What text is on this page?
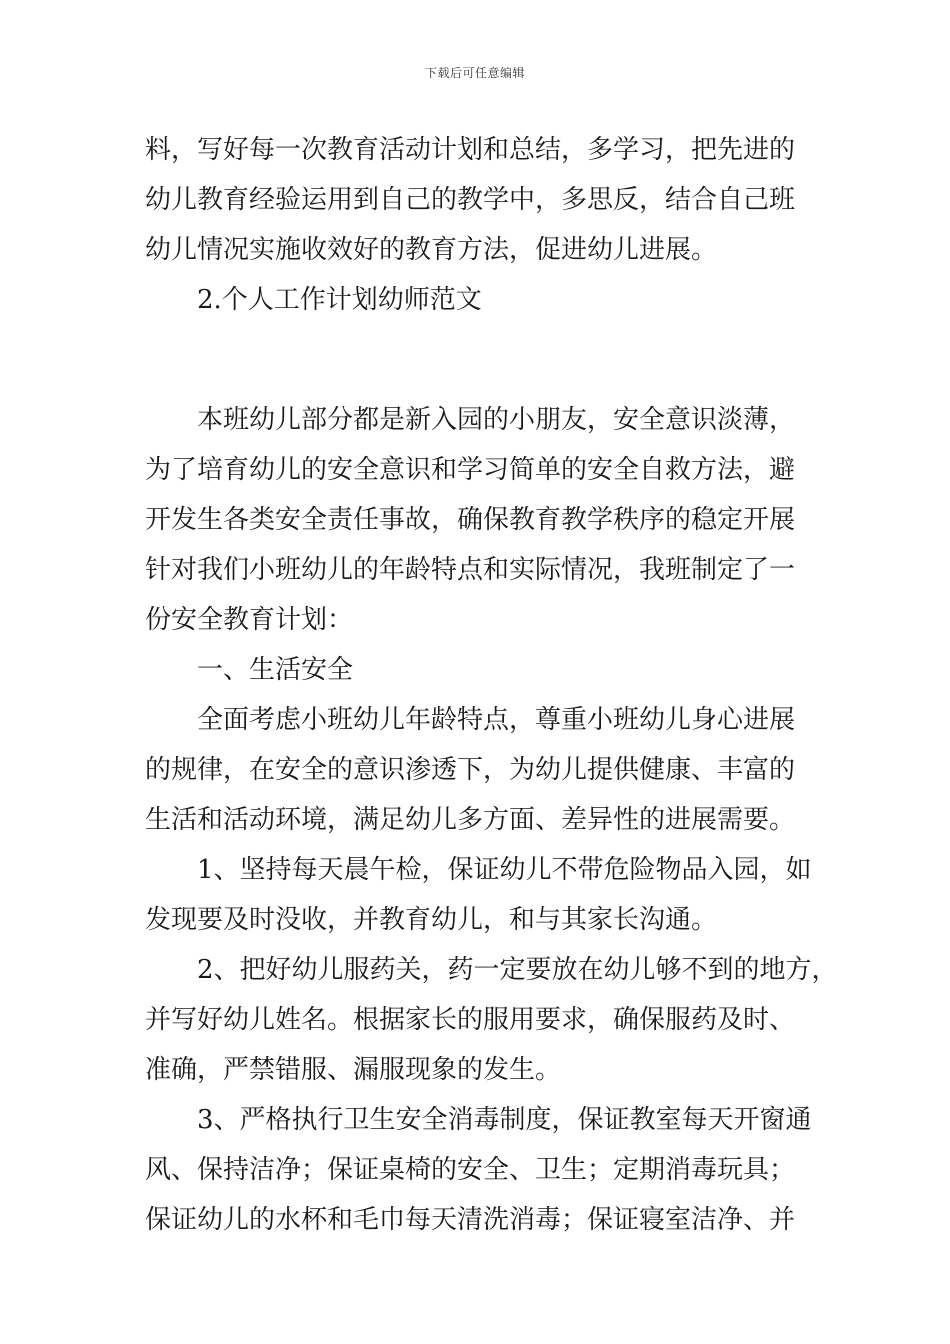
下载后可任意编辑
料，写好每一次教育活动计划和总结，多学习，把先进的
幼儿教育经验运用到自己的教学中，多思反，结合自己班
幼儿情况实施收效好的教育方法，促进幼儿进展。
2.个人工作计划幼师范文
本班幼儿部分都是新入园的小朋友，安全意识淡薄，
为了培育幼儿的安全意识和学习简单的安全自救方法，避
开发生各类安全责任事故，确保教育教学秩序的稳定开展
针对我们小班幼儿的年龄特点和实际情况，我班制定了一
份安全教育计划：
一、生活安全
全面考虑小班幼儿年龄特点，尊重小班幼儿身心进展
的规律，在安全的意识渗透下，为幼儿提供健康、丰富的
生活和活动环境，满足幼儿多方面、差异性的进展需要。
1、坚持每天晨午检，保证幼儿不带危险物品入园，如
发现要及时没收，并教育幼儿，和与其家长沟通。
2、把好幼儿服药关，药一定要放在幼儿够不到的地方，
并写好幼儿姓名。根据家长的服用要求，确保服药及时、
准确，严禁错服、漏服现象的发生。
3、严格执行卫生安全消毒制度，保证教室每天开窗通
风、保持洁净；保证桌椅的安全、卫生；定期消毒玩具；
保证幼儿的水杯和毛巾每天清洗消毒；保证寝室洁净、并
